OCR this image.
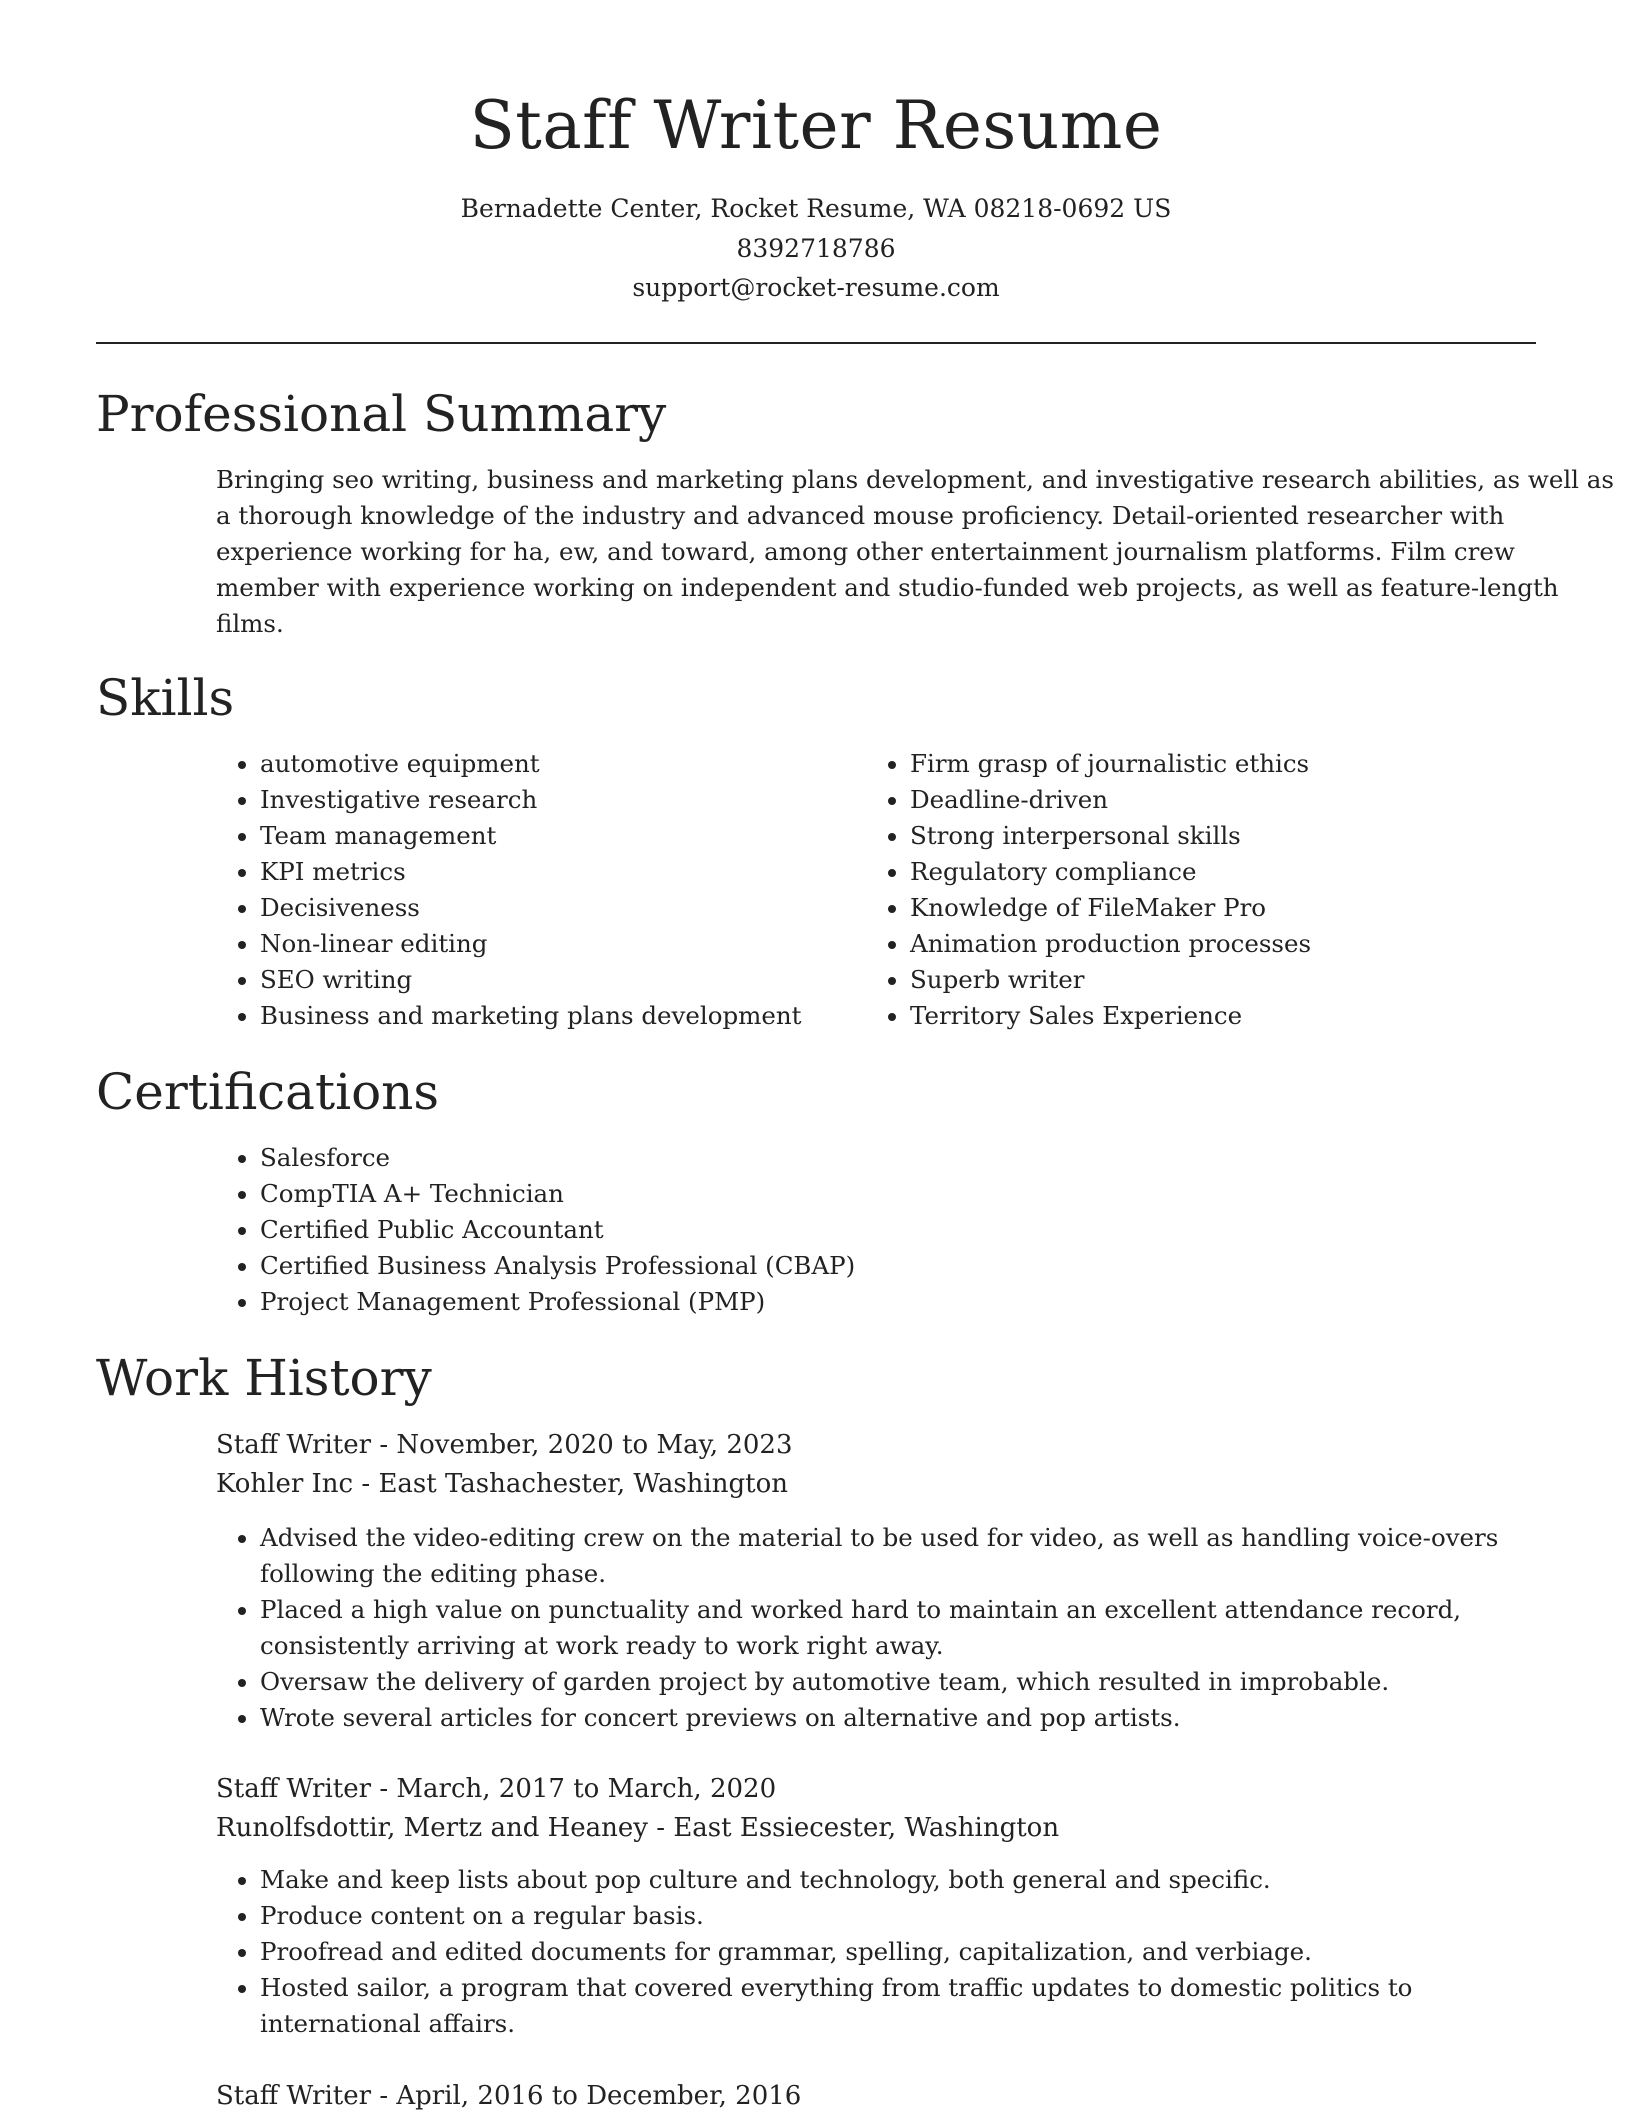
Staff Writer Resume
Bernadette Center, Rocket Resume, WA 08218-0692 US
8392718786
support@rocket-resume.com
Professional Summary

Bringing seo writing, business and marketing plans development, and investigative research abilities, as well as a thorough knowledge of the industry and advanced mouse proficiency. Detail-oriented researcher with experience working for ha, ew, and toward, among other entertainment journalism platforms. Film crew member with experience working on independent and studio-funded web projects, as well as feature-length films.

Skills
• automotive equipment
• Investigative research
• Team management
• KPI metrics
• Decisiveness
• Non-linear editing
• SEO writing
• Business and marketing plans development
• Firm grasp of journalistic ethics
• Deadline-driven
• Strong interpersonal skills
• Regulatory compliance
• Knowledge of FileMaker Pro
• Animation production processes
• Superb writer
• Territory Sales Experience
Certifications
• Salesforce
• CompTIA A+ Technician
• Certified Public Accountant
• Certified Business Analysis Professional (CBAP)
• Project Management Professional (PMP)
Work History
Staff Writer - November, 2020 to May, 2023
Kohler Inc - East Tashachester, Washington
• Advised the video-editing crew on the material to be used for video, as well as handling voice-overs following the editing phase.
• Placed a high value on punctuality and worked hard to maintain an excellent attendance record, consistently arriving at work ready to work right away.
• Oversaw the delivery of garden project by automotive team, which resulted in improbable.
• Wrote several articles for concert previews on alternative and pop artists.
Staff Writer - March, 2017 to March, 2020
Runolfsdottir, Mertz and Heaney - East Essiecester, Washington
• Make and keep lists about pop culture and technology, both general and specific.
• Produce content on a regular basis.
• Proofread and edited documents for grammar, spelling, capitalization, and verbiage.
• Hosted sailor, a program that covered everything from traffic updates to domestic politics to international affairs.
Staff Writer - April, 2016 to December, 2016
